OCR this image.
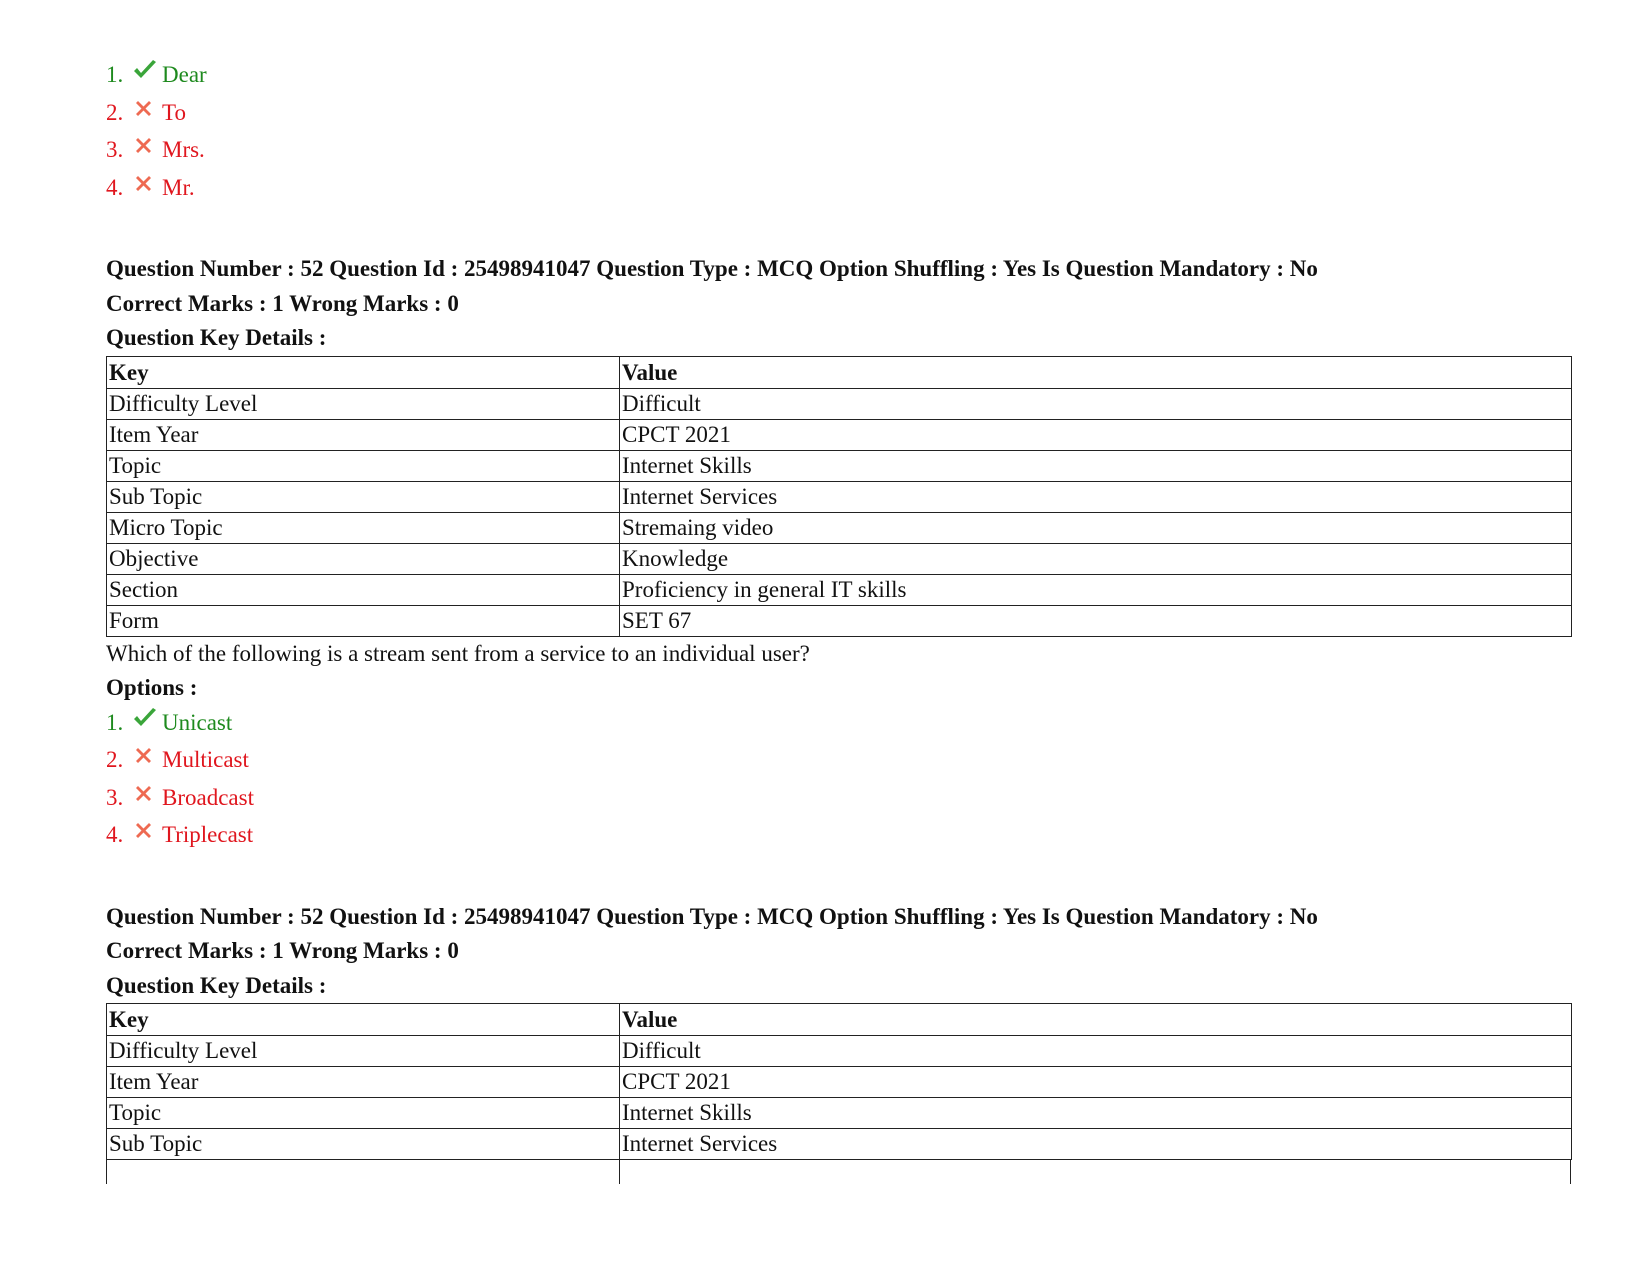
1.	Dear
2.	To
3.	Mrs.
4.	Mr.
Question Number : 52 Question Id : 25498941047 Question Type : MCQ Option Shuffling : Yes Is Question Mandatory : No
Correct Marks : 1 Wrong Marks : 0
Question Key Details :
Key	Value
Difficulty Level	Difficult
Item Year	CPCT 2021
Topic	Internet Skills
Sub Topic	Internet Services
Micro Topic	Stremaing video
Objective	Knowledge
Section	Proficiency in general IT skills
Form	SET 67
Which of the following is a stream sent from a service to an individual user?
Options :
1.	Unicast
2.	Multicast
3.	Broadcast
4.	Triplecast
Question Number : 52 Question Id : 25498941047 Question Type : MCQ Option Shuffling : Yes Is Question Mandatory : No
Correct Marks : 1 Wrong Marks : 0
Question Key Details :
Key	Value
Difficulty Level	Difficult
Item Year	CPCT 2021
Topic	Internet Skills
Sub Topic	Internet Services
